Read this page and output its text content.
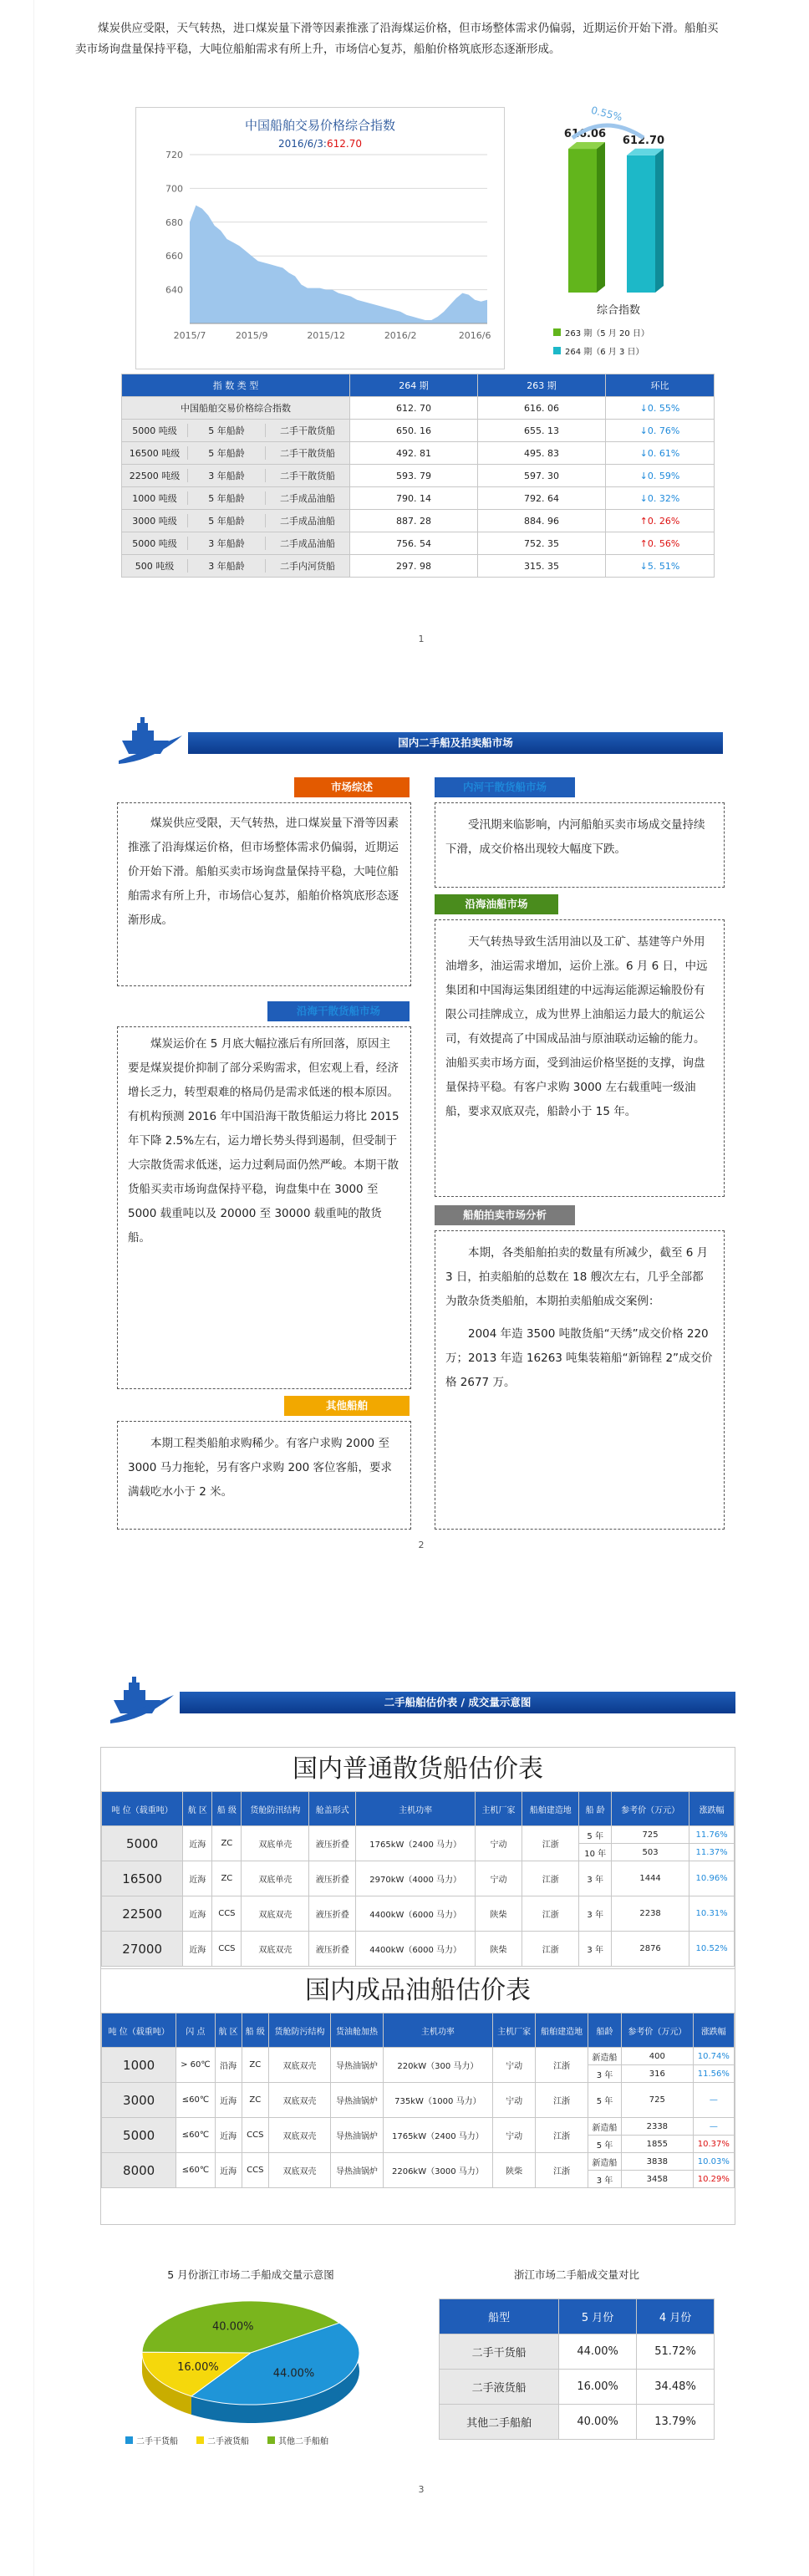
煤炭供应受限，天气转热，进口煤炭量下滑等因素推涨了沿海煤运价格，但市场整体需求仍偏弱，近期运价开始下滑。船舶买卖市场询盘量保持平稳，大吨位船舶需求有所上升，市场信心复苏，船舶价格筑底形态逐渐形成。
中国船舶交易价格综合指数
2016/6/3:612.70
720
700
680
660
640
2015/7	2015/9	2015/12	2016/2	2016/6
616.06
612.70
0.55%
综合指数
263 期（5 月 20 日）
264 期（6 月 3 日）
指 数 类 型	264 期	263 期	环比
中国船舶交易价格综合指数	612. 70	616. 06	↓0. 55%

5000 吨级 5 年船龄 二手干散货船	650. 16	655. 13	↓0. 76%

16500 吨级 5 年船龄 二手干散货船	492. 81	495. 83	↓0. 61%

22500 吨级 3 年船龄 二手干散货船	593. 79	597. 30	↓0. 59%

1000 吨级 5 年船龄 二手成品油船	790. 14	792. 64	↓0. 32%

3000 吨级 5 年船龄 二手成品油船	887. 28	884. 96	↑0. 26%

5000 吨级 3 年船龄 二手成品油船	756. 54	752. 35	↑0. 56%

500 吨级 3 年船龄 二手内河货船	297. 98	315. 35	↓5. 51%
1
国内二手船及拍卖船市场
煤炭供应受限，天气转热，进口煤炭量下滑等因素推涨了沿海煤运价格，但市场整体需求仍偏弱，近期运价开始下滑。船舶买卖市场询盘量保持平稳，大吨位船舶需求有所上升，市场信心复苏，船舶价格筑底形态逐渐形成。
市场综述
煤炭运价在 5 月底大幅拉涨后有所回落，原因主要是煤炭提价抑制了部分采购需求，但宏观上看，经济增长乏力，转型艰难的格局仍是需求低迷的根本原因。有机构预测 2016 年中国沿海干散货船运力将比 2015 年下降 2.5%左右，运力增长势头得到遏制，但受制于大宗散货需求低迷，运力过剩局面仍然严峻。本期干散货船买卖市场询盘保持平稳，询盘集中在 3000 至 5000 载重吨以及 20000 至 30000 载重吨的散货船。
沿海干散货船市场
本期工程类船舶求购稀少。有客户求购 2000 至 3000 马力拖轮，另有客户求购 200 客位客船，要求满载吃水小于 2 米。
其他船舶
受汛期来临影响，内河船舶买卖市场成交量持续下滑，成交价格出现较大幅度下跌。
内河干散货船市场
天气转热导致生活用油以及工矿、基建等户外用油增多，油运需求增加，运价上涨。6 月 6 日，中远集团和中国海运集团组建的中远海运能源运输股份有限公司挂牌成立，成为世界上油船运力最大的航运公司，有效提高了中国成品油与原油联动运输的能力。油船买卖市场方面，受到油运价格坚挺的支撑，询盘量保持平稳。有客户求购 3000 左右载重吨一级油船，要求双底双壳，船龄小于 15 年。
沿海油船市场
本期，各类船舶拍卖的数量有所减少，截至 6 月 3 日，拍卖船舶的总数在 18 艘次左右，几乎全部都为散杂货类船舶，本期拍卖船舶成交案例：
2004 年造 3500 吨散货船“天绣”成交价格 220 万；2013 年造 16263 吨集装箱船“新锦程 2”成交价格 2677 万。
船舶拍卖市场分析
2
二手船舶估价表 / 成交量示意图
国内普通散货船估价表
吨 位（载重吨）	航 区	船 级	货舱防汛结构	舱盖形式	主机功率	主机厂家	船舶建造地	船 龄	参考价（万元）	涨跌幅
5000	近海	ZC	双底单壳	液压折叠	1765kW（2400 马力）	宁动	江浙	5 年	725	11.76%
								10 年	503	11.37%
16500	近海	ZC	双底单壳	液压折叠	2970kW（4000 马力）	宁动	江浙	3 年	1444	10.96%
22500	近海	CCS	双底双壳	液压折叠	4400kW（6000 马力）	陕柴	江浙	3 年	2238	10.31%
27000	近海	CCS	双底双壳	液压折叠	4400kW（6000 马力）	陕柴	江浙	3 年	2876	10.52%
国内成品油船估价表
吨 位（载重吨）	闪 点	航 区	船 级	货舱防污结构	货油舱加热	主机功率	主机厂家	船舶建造地	船龄	参考价（万元）	涨跌幅
1000	> 60℃	沿海	ZC	双底双壳	导热油锅炉	220kW（300 马力）	宁动	江浙	新造船	400	10.74%
									3 年	316	11.56%
3000	≤60℃	近海	ZC	双底双壳	导热油锅炉	735kW（1000 马力）	宁动	江浙	5 年	725	—
5000	≤60℃	近海	CCS	双底双壳	导热油锅炉	1765kW（2400 马力）	宁动	江浙	新造船	2338	—
									5 年	1855	10.37%
8000	≤60℃	近海	CCS	双底双壳	导热油锅炉	2206kW（3000 马力）	陕柴	江浙	新造船	3838	10.03%
									3 年	3458	10.29%
5 月份浙江市场二手船成交量示意图
40.00%
44.00%
16.00%
二手干货船	二手液货船	其他二手船舶
浙江市场二手船成交量对比
船型	5 月份	4 月份
二手干货船	44.00%	51.72%
二手液货船	16.00%	34.48%
其他二手船舶	40.00%	13.79%
3
